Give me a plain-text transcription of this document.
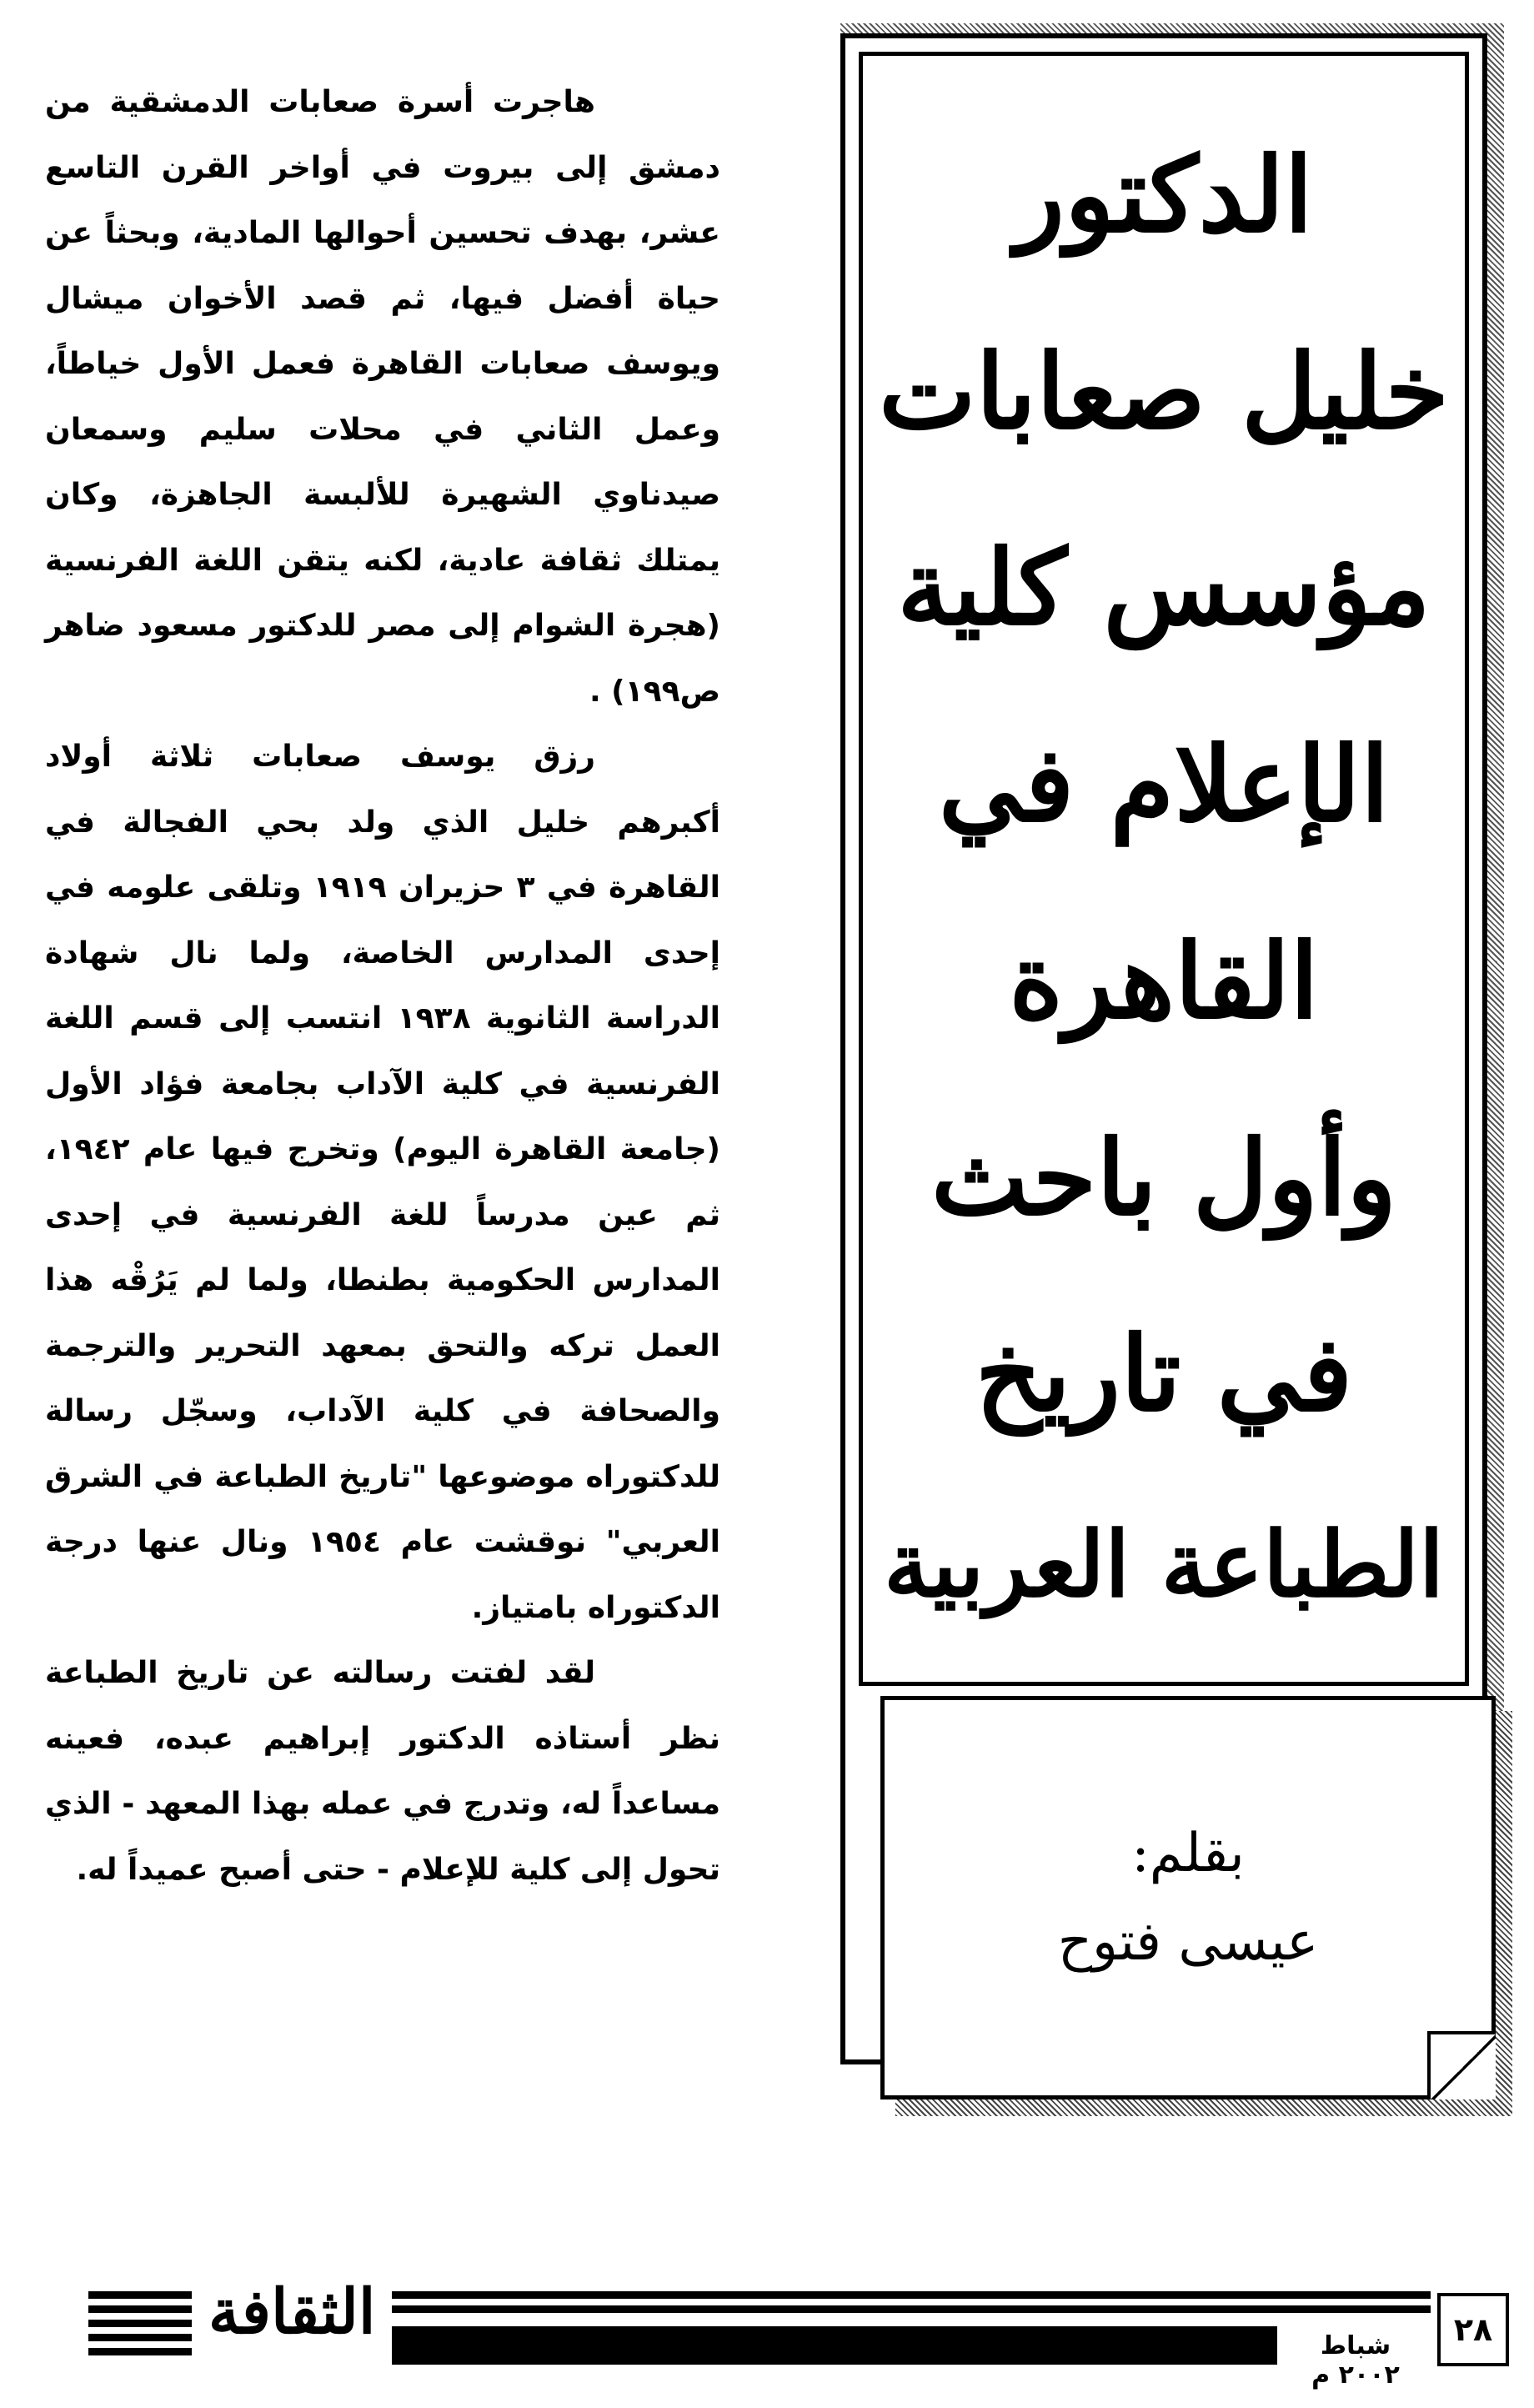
الدكتور
خليل صعابات
مؤسس كلية
الإعلام في
القاهرة
وأول باحث
في تاريخ
الطباعة العربية
بقلم:
عيسى فتوح

هاجرت أسرة صعابات الدمشقية من دمشق إلى بيروت في أواخر القرن التاسع عشر، بهدف تحسين أحوالها المادية، وبحثاً عن حياة أفضل فيها، ثم قصد الأخوان ميشال ويوسف صعابات القاهرة فعمل الأول خياطاً، وعمل الثاني في محلات سليم وسمعان صيدناوي الشهيرة للألبسة الجاهزة، وكان يمتلك ثقافة عادية، لكنه يتقن اللغة الفرنسية (هجرة الشوام إلى مصر للدكتور مسعود ضاهر ص١٩٩) .

رزق يوسف صعابات ثلاثة أولاد أكبرهم خليل الذي ولد بحي الفجالة في القاهرة في ٣ حزيران ١٩١٩ وتلقى علومه في إحدى المدارس الخاصة، ولما نال شهادة الدراسة الثانوية ١٩٣٨ انتسب إلى قسم اللغة الفرنسية في كلية الآداب بجامعة فؤاد الأول (جامعة القاهرة اليوم) وتخرج فيها عام ١٩٤٢، ثم عين مدرساً للغة الفرنسية في إحدى المدارس الحكومية بطنطا، ولما لم يَرُقْه هذا العمل تركه والتحق بمعهد التحرير والترجمة والصحافة في كلية الآداب، وسجّل رسالة للدكتوراه موضوعها "تاريخ الطباعة في الشرق العربي" نوقشت عام ١٩٥٤ ونال عنها درجة الدكتوراه بامتياز.

لقد لفتت رسالته عن تاريخ الطباعة نظر أستاذه الدكتور إبراهيم عبده، فعينه مساعداً له، وتدرج في عمله بهذا المعهد - الذي تحول إلى كلية للإعلام - حتى أصبح عميداً له.

الثقافة	شباط ٢٠٠٢ م
٢٨
